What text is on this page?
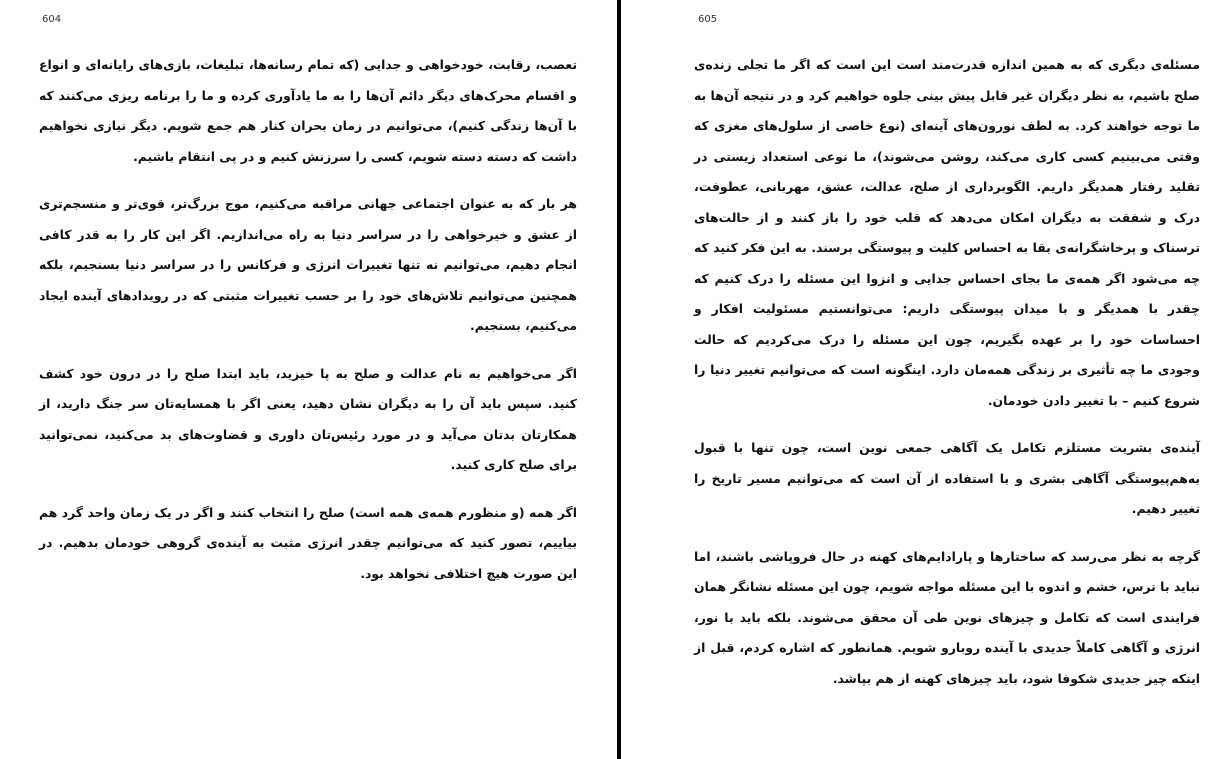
604

تعصب، رقابت، خودخواهی و جدایی (که تمام رسانه‌ها، تبلیغات، بازی‌های رایانه‌ای و انواع و اقسام محرک‌های دیگر دائم آن‌ها را به ما یادآوری کرده و ما را برنامه ریزی می‌کنند که با آن‌ها زندگی کنیم)، می‌توانیم در زمان بحران کنار هم جمع شویم. دیگر نیازی نخواهیم داشت که دسته دسته شویم، کسی را سرزنش کنیم و در پی انتقام باشیم.

هر بار که به عنوان اجتماعی جهانی مراقبه می‌کنیم، موج بزرگ‌تر، قوی‌تر و منسجم‌تری از عشق و خیرخواهی را در سراسر دنیا به راه می‌اندازیم. اگر این کار را به قدر کافی انجام دهیم، می‌توانیم نه تنها تغییرات انرژی و فرکانس را در سراسر دنیا بسنجیم، بلکه همچنین می‌توانیم تلاش‌های خود را بر حسب تغییرات مثبتی که در رویدادهای آینده ایجاد می‌کنیم، بسنجیم.

اگر می‌خواهیم به نام عدالت و صلح به پا خیزید، باید ابتدا صلح را در درون خود کشف کنید. سپس باید آن را به دیگران نشان دهید، یعنی اگر با همسایه‌تان سر جنگ دارید، از همکارتان بدتان می‌آید و در مورد رئیس‌تان داوری و قضاوت‌های بد می‌کنید، نمی‌توانید برای صلح کاری کنید.

اگر همه (و منظورم همه‌ی همه است) صلح را انتخاب کنند و اگر در یک زمان واحد گرد هم بیاییم، تصور کنید که می‌توانیم چقدر انرژی مثبت به آینده‌ی گروهی خودمان بدهیم. در این صورت هیچ اختلافی نخواهد بود.

605

مسئله‌ی دیگری که به همین اندازه قدرت‌مند است این است که اگر ما تجلی زنده‌ی صلح باشیم، به نظر دیگران غیر قابل پیش بینی جلوه خواهیم کرد و در نتیجه آن‌ها به ما توجه خواهند کرد. به لطف نورون‌های آینه‌ای (نوع خاصی از سلول‌های مغزی که وقتی می‌بینیم کسی کاری می‌کند، روشن می‌شوند)، ما نوعی استعداد زیستی در تقلید رفتار همدیگر داریم. الگوبرداری از صلح، عدالت، عشق، مهربانی، عطوفت، درک و شفقت به دیگران امکان می‌دهد که قلب خود را باز کنند و از حالت‌های ترسناک و پرخاشگرانه‌ی بقا به احساس کلیت و پیوستگی برسند. به این فکر کنید که چه می‌شود اگر همه‌ی ما بجای احساس جدایی و انزوا این مسئله را درک کنیم که چقدر با همدیگر و با میدان پیوستگی داریم: می‌توانستیم مسئولیت افکار و احساسات خود را بر عهده بگیریم، چون این مسئله را درک می‌کردیم که حالت وجودی ما چه تأثیری بر زندگی همه‌مان دارد. اینگونه است که می‌توانیم تغییر دنیا را شروع کنیم – با تغییر دادن خودمان.

آینده‌ی بشریت مستلزم تکامل یک آگاهی جمعی نوین است، چون تنها با قبول به‌هم‌پیوستگی آگاهی بشری و با استفاده از آن است که می‌توانیم مسیر تاریخ را تغییر دهیم.

گرچه به نظر می‌رسد که ساختارها و پارادایم‌های کهنه در حال فروپاشی باشند، اما نباید با ترس، خشم و اندوه با این مسئله مواجه شویم، چون این مسئله نشانگر همان فرایندی است که تکامل و چیزهای نوین طی آن محقق می‌شوند. بلکه باید با نور، انرژی و آگاهی کاملاً جدیدی با آینده روبارو شویم. همانطور که اشاره کردم، قبل از اینکه چیز جدیدی شکوفا شود، باید چیزهای کهنه از هم بپاشد.
